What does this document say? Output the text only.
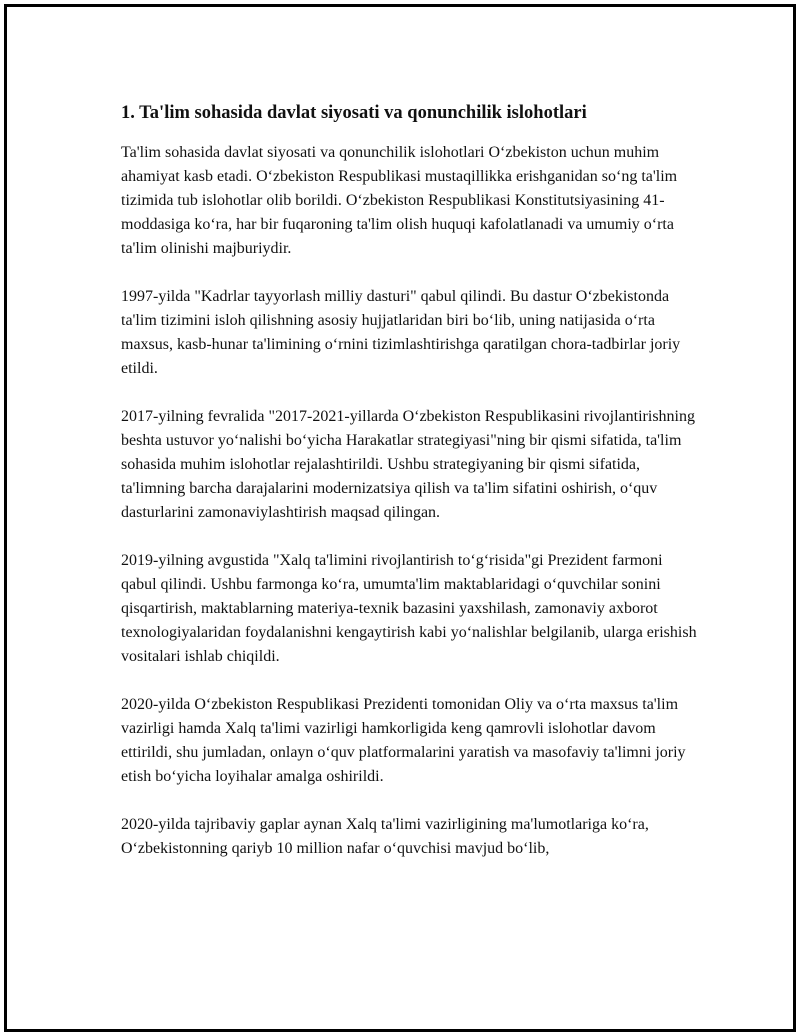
1. Ta'lim sohasida davlat siyosati va qonunchilik islohotlari

Ta'lim sohasida davlat siyosati va qonunchilik islohotlari O‘zbekiston uchun muhim ahamiyat kasb etadi. O‘zbekiston Respublikasi mustaqillikka erishganidan so‘ng ta'lim tizimida tub islohotlar olib borildi. O‘zbekiston Respublikasi Konstitutsiyasining 41-moddasiga ko‘ra, har bir fuqaroning ta'lim olish huquqi kafolatlanadi va umumiy o‘rta ta'lim olinishi majburiydir.

1997-yilda "Kadrlar tayyorlash milliy dasturi" qabul qilindi. Bu dastur O‘zbekistonda ta'lim tizimini isloh qilishning asosiy hujjatlaridan biri bo‘lib, uning natijasida o‘rta maxsus, kasb-hunar ta'limining o‘rnini tizimlashtirishga qaratilgan chora-tadbirlar joriy etildi.

2017-yilning fevralida "2017-2021-yillarda O‘zbekiston Respublikasini rivojlantirishning beshta ustuvor yo‘nalishi bo‘yicha Harakatlar strategiyasi"ning bir qismi sifatida, ta'lim sohasida muhim islohotlar rejalashtirildi. Ushbu strategiyaning bir qismi sifatida, ta'limning barcha darajalarini modernizatsiya qilish va ta'lim sifatini oshirish, o‘quv dasturlarini zamonaviylashtirish maqsad qilingan.

2019-yilning avgustida "Xalq ta'limini rivojlantirish to‘g‘risida"gi Prezident farmoni qabul qilindi. Ushbu farmonga ko‘ra, umumta'lim maktablaridagi o‘quvchilar sonini qisqartirish, maktablarning materiya-texnik bazasini yaxshilash, zamonaviy axborot texnologiyalaridan foydalanishni kengaytirish kabi yo‘nalishlar belgilanib, ularga erishish vositalari ishlab chiqildi.

2020-yilda O‘zbekiston Respublikasi Prezidenti tomonidan Oliy va o‘rta maxsus ta'lim vazirligi hamda Xalq ta'limi vazirligi hamkorligida keng qamrovli islohotlar davom ettirildi, shu jumladan, onlayn o‘quv platformalarini yaratish va masofaviy ta'limni joriy etish bo‘yicha loyihalar amalga oshirildi.

2020-yilda tajribaviy gaplar aynan Xalq ta'limi vazirligining ma'lumotlariga ko‘ra, O‘zbekistonning qariyb 10 million nafar o‘quvchisi mavjud bo‘lib,
